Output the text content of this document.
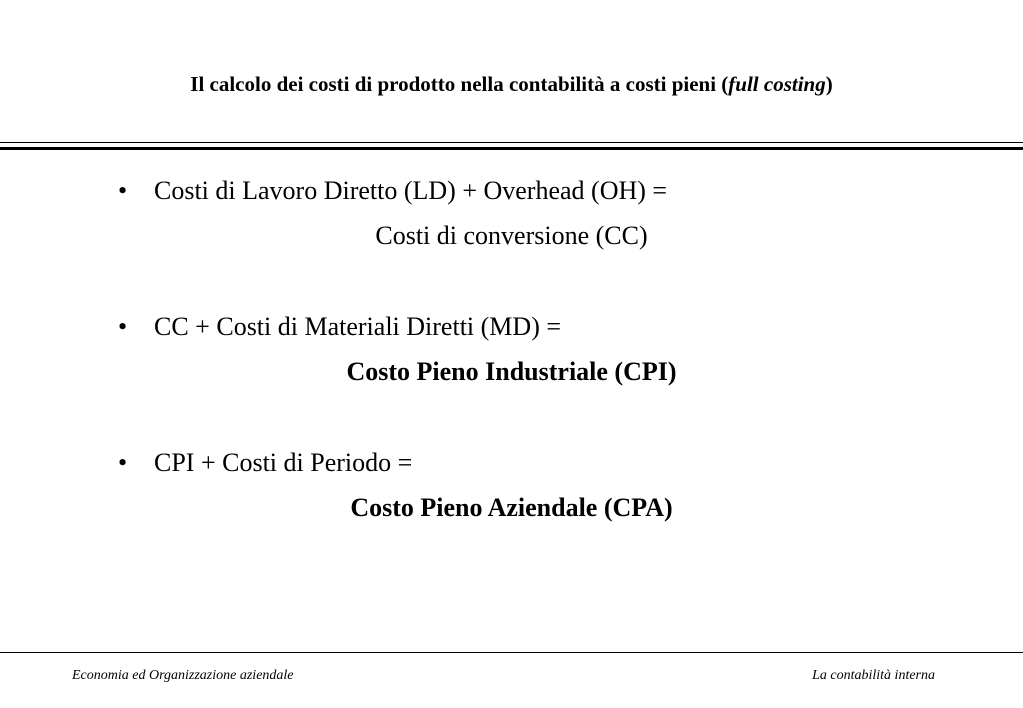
Il calcolo dei costi di prodotto nella contabilità a costi pieni (full costing)
• Costi di Lavoro Diretto (LD) + Overhead (OH) =
Costi di conversione (CC)
• CC + Costi di Materiali Diretti (MD) =
Costo Pieno Industriale (CPI)
• CPI + Costi di Periodo =
Costo Pieno Aziendale (CPA)
Economia ed Organizzazione aziendale	La contabilità interna
